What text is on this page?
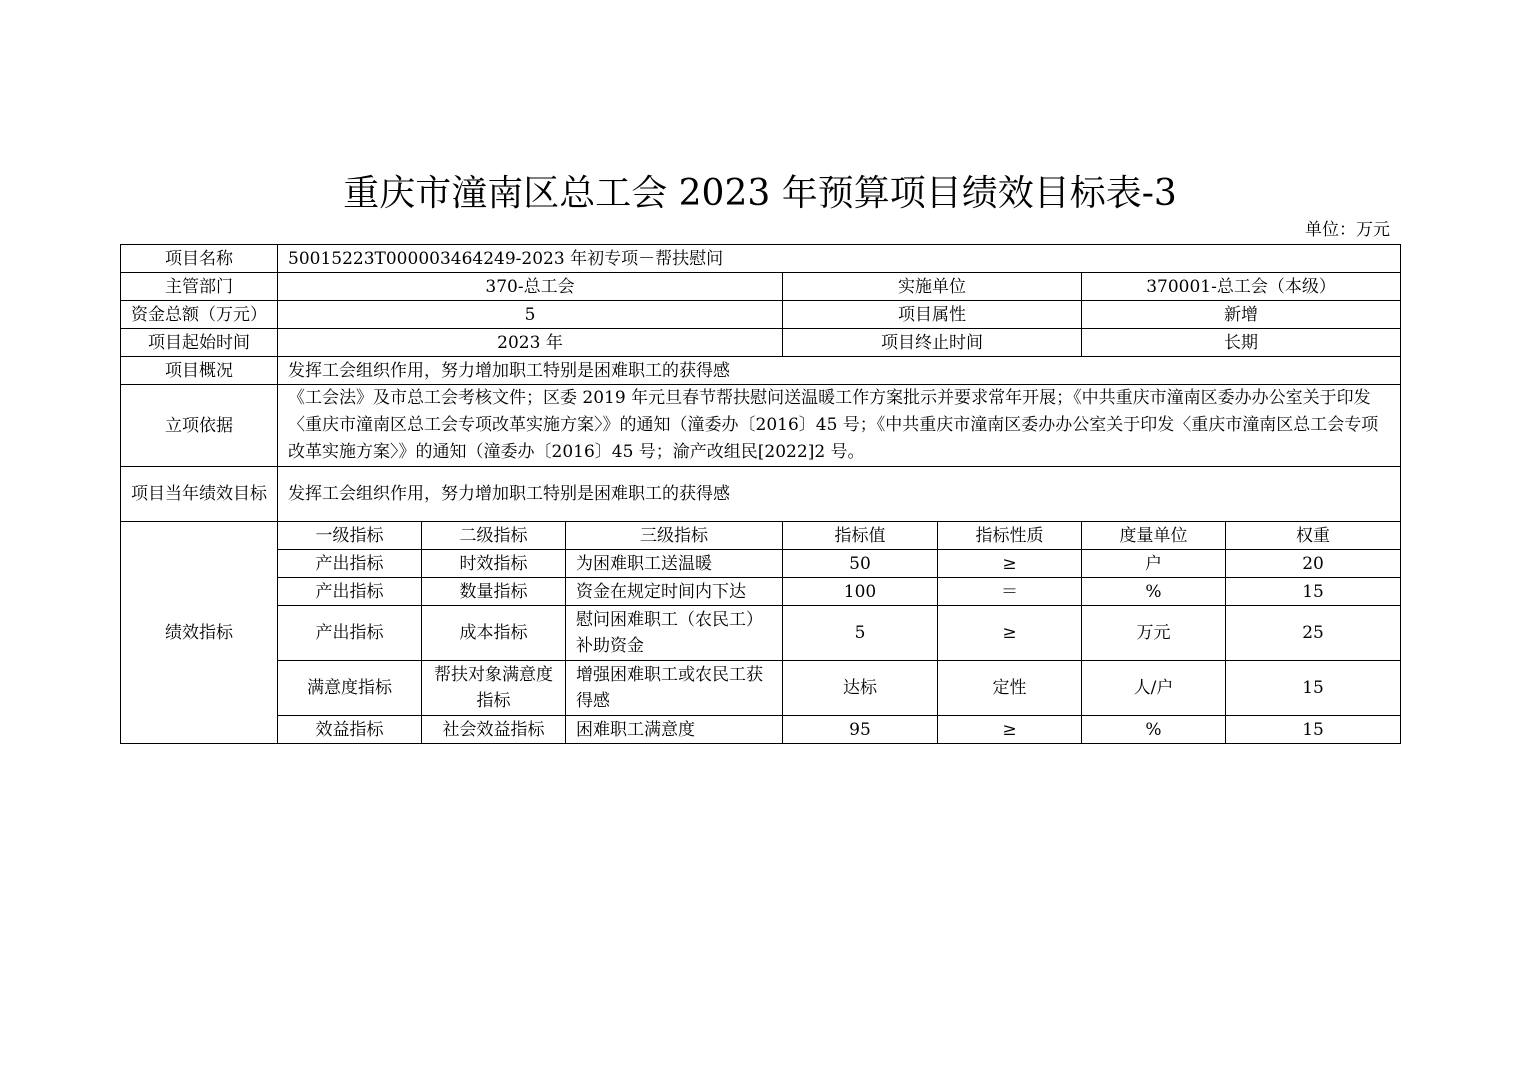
重庆市潼南区总工会 2023 年预算项目绩效目标表-3
单位：万元
项目名称	50015223T000003464249-2023 年初专项－帮扶慰问						
主管部门	370-总工会			实施单位		370001-总工会（本级）	
资金总额（万元）	5			项目属性		新增	
项目起始时间	2023 年			项目终止时间		长期	
项目概况	发挥工会组织作用，努力增加职工特别是困难职工的获得感						
立项依据	《工会法》及市总工会考核文件；区委 2019 年元旦春节帮扶慰问送温暖工作方案批示并要求常年开展；《中共重庆市潼南区委办办公室关于印发〈重庆市潼南区总工会专项改革实施方案〉》的通知（潼委办〔2016〕45 号；《中共重庆市潼南区委办办公室关于印发〈重庆市潼南区总工会专项改革实施方案〉》的通知（潼委办〔2016〕45 号；渝产改组民[2022]2 号。						
项目当年绩效目标	发挥工会组织作用，努力增加职工特别是困难职工的获得感						
绩效指标	一级指标	二级指标	三级指标	指标值	指标性质	度量单位	权重
	产出指标	时效指标	为困难职工送温暖	50	≥	户	20
	产出指标	数量指标	资金在规定时间内下达	100	＝	%	15
	产出指标	成本指标	慰问困难职工（农民工）补助资金	5	≥	万元	25
	满意度指标	帮扶对象满意度指标	增强困难职工或农民工获得感	达标	定性	人/户	15
	效益指标	社会效益指标	困难职工满意度	95	≥	%	15
